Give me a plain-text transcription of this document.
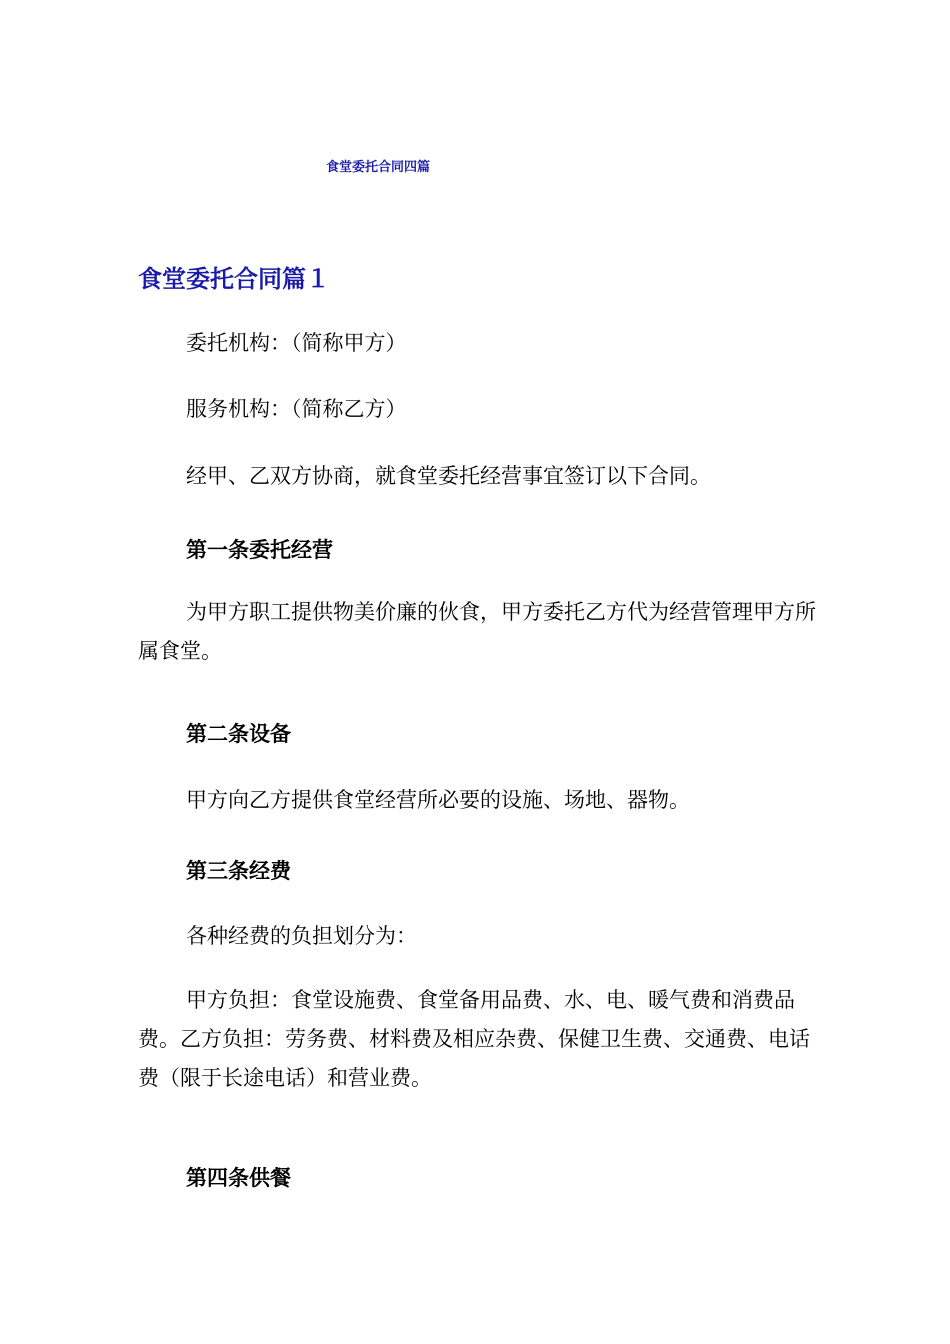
食堂委托合同四篇
食堂委托合同篇１

委托机构：（简称甲方）

服务机构：（简称乙方）

经甲、乙双方协商，就食堂委托经营事宜签订以下合同。

第一条委托经营

为甲方职工提供物美价廉的伙食，甲方委托乙方代为经营管理甲方所属食堂。

第二条设备

甲方向乙方提供食堂经营所必要的设施、场地、器物。

第三条经费

各种经费的负担划分为：

甲方负担：食堂设施费、食堂备用品费、水、电、暖气费和消费品费。乙方负担：劳务费、材料费及相应杂费、保健卫生费、交通费、电话费（限于长途电话）和营业费。

第四条供餐
